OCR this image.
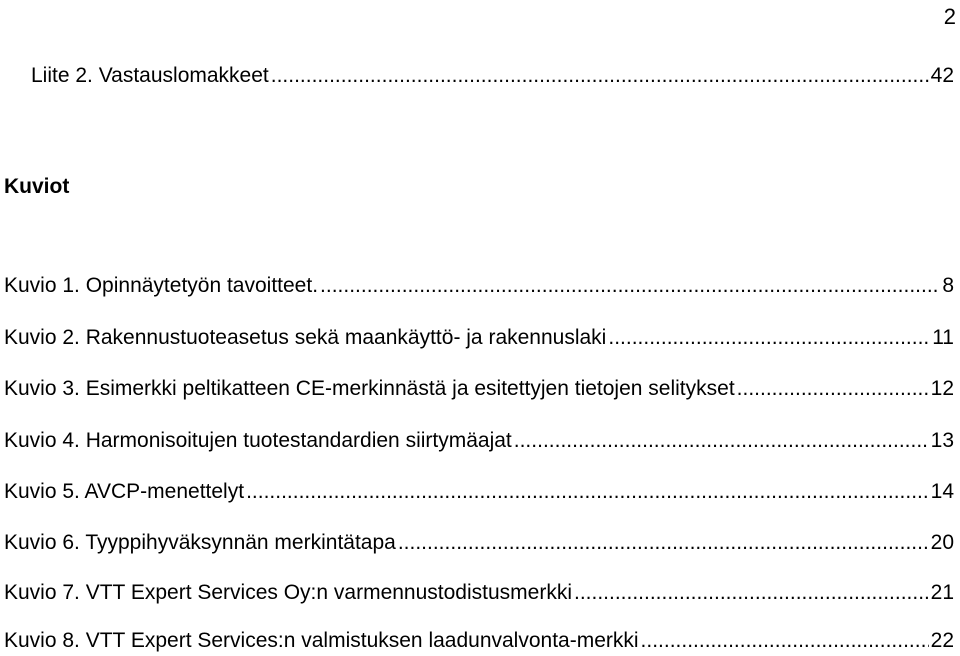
2
Liite 2. Vastauslomakkeet .....	42
Kuviot
Kuvio 1. Opinnäytetyön tavoitteet. .....	8
Kuvio 2. Rakennustuoteasetus sekä maankäyttö- ja rakennuslaki .....	11
Kuvio 3. Esimerkki peltikatteen CE-merkinnästä ja esitettyjen tietojen selitykset .....	12
Kuvio 4. Harmonisoitujen tuotestandardien siirtymäajat .....	13
Kuvio 5. AVCP-menettelyt .....	14
Kuvio 6. Tyyppihyväksynnän merkintätapa .....	20
Kuvio 7. VTT Expert Services Oy:n varmennustodistusmerkki .....	21
Kuvio 8. VTT Expert Services:n valmistuksen laadunvalvonta-merkki .....	22
